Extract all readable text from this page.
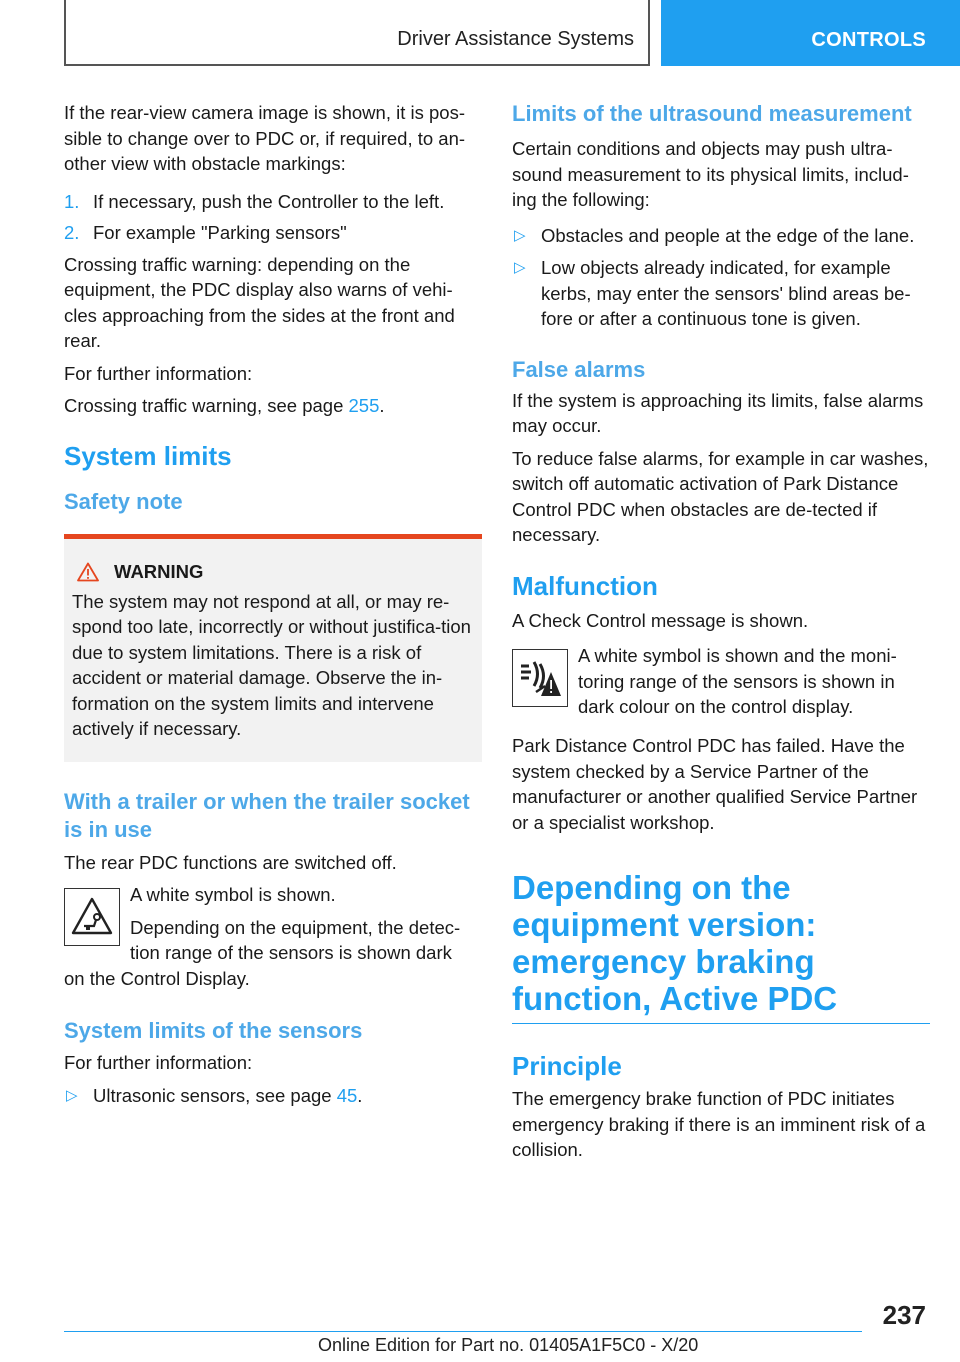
Driver Assistance Systems	CONTROLS

If the rear-view camera image is shown, it is pos-sible to change over to PDC or, if required, to an-other view with obstacle markings:

1. If necessary, push the Controller to the left.
2. For example "Parking sensors"

Crossing traffic warning: depending on the equipment, the PDC display also warns of vehi-cles approaching from the sides at the front and rear.

For further information:

Crossing traffic warning, see page 255.

System limits
Safety note
WARNING

The system may not respond at all, or may re-spond too late, incorrectly or without justifica-tion due to system limitations. There is a risk of accident or material damage. Observe the in-formation on the system limits and intervene actively if necessary.

With a trailer or when the trailer socket is in use

The rear PDC functions are switched off.

A white symbol is shown.

Depending on the equipment, the detec-tion range of the sensors is shown dark

on the Control Display.

System limits of the sensors

For further information:

▷ Ultrasonic sensors, see page 45.
Limits of the ultrasound measurement

Certain conditions and objects may push ultra-sound measurement to its physical limits, includ-ing the following:

▷ Obstacles and people at the edge of the lane.
▷ Low objects already indicated, for example kerbs, may enter the sensors' blind areas be-fore or after a continuous tone is given.
False alarms

If the system is approaching its limits, false alarms may occur.

To reduce false alarms, for example in car washes, switch off automatic activation of Park Distance Control PDC when obstacles are de-tected if necessary.

Malfunction

A Check Control message is shown.

A white symbol is shown and the moni-toring range of the sensors is shown in dark colour on the control display.

Park Distance Control PDC has failed. Have the system checked by a Service Partner of the manufacturer or another qualified Service Partner or a specialist workshop.

Depending on the equipment version: emergency braking function, Active PDC
Principle

The emergency brake function of PDC initiates emergency braking if there is an imminent risk of a collision.

237
Online Edition for Part no. 01405A1F5C0 - X/20
